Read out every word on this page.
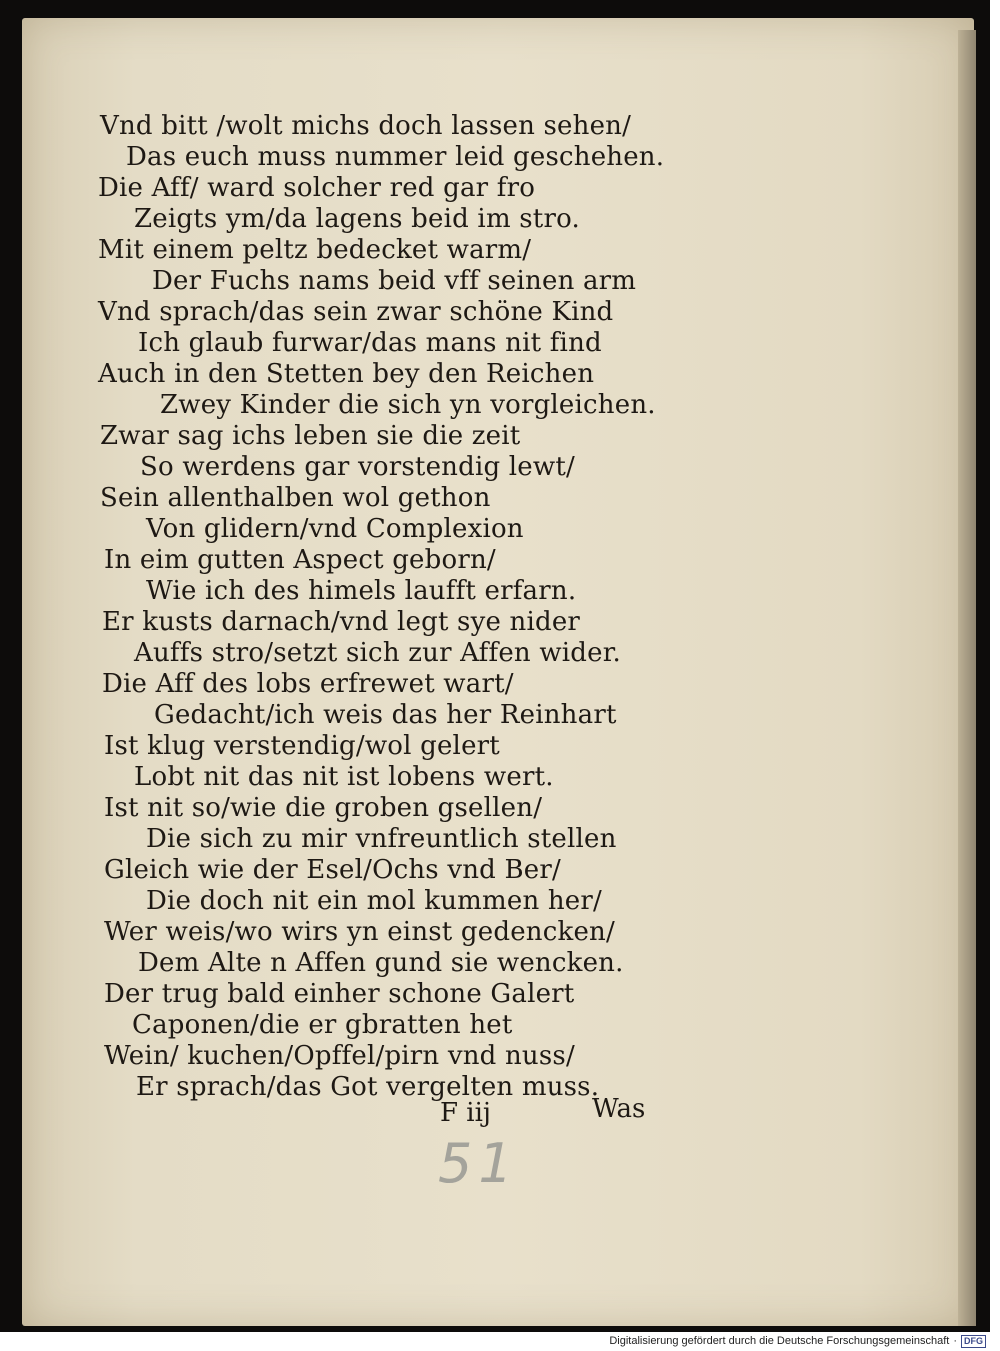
Vnd bitt /wolt michs doch lassen sehen/
Das euch muss nummer leid geschehen.
Die Aff/ ward solcher red gar fro
Zeigts ym/da lagens beid im stro.
Mit einem peltz bedecket warm/
Der Fuchs nams beid vff seinen arm
Vnd sprach/das sein zwar schöne Kind
Ich glaub furwar/das mans nit find
Auch in den Stetten bey den Reichen
Zwey Kinder die sich yn vorgleichen.
Zwar sag ichs leben sie die zeit
So werdens gar vorstendig lewt/
Sein allenthalben wol gethon
Von glidern/vnd Complexion
In eim gutten Aspect geborn/
Wie ich des himels laufft erfarn.
Er kusts darnach/vnd legt sye nider
Auffs stro/setzt sich zur Affen wider.
Die Aff des lobs erfrewet wart/
Gedacht/ich weis das her Reinhart
Ist klug verstendig/wol gelert
Lobt nit das nit ist lobens wert.
Ist nit so/wie die groben gsellen/
Die sich zu mir vnfreuntlich stellen
Gleich wie der Esel/Ochs vnd Ber/
Die doch nit ein mol kummen her/
Wer weis/wo wirs yn einst gedencken/
Dem Alte n Affen gund sie wencken.
Der trug bald einher schone Galert
Caponen/die er gbratten het
Wein/ kuchen/Opffel/pirn vnd nuss/
Er sprach/das Got vergelten muss.
F iij	Was
51
Digitalisierung gefördert durch die Deutsche Forschungsgemeinschaft · DFG
